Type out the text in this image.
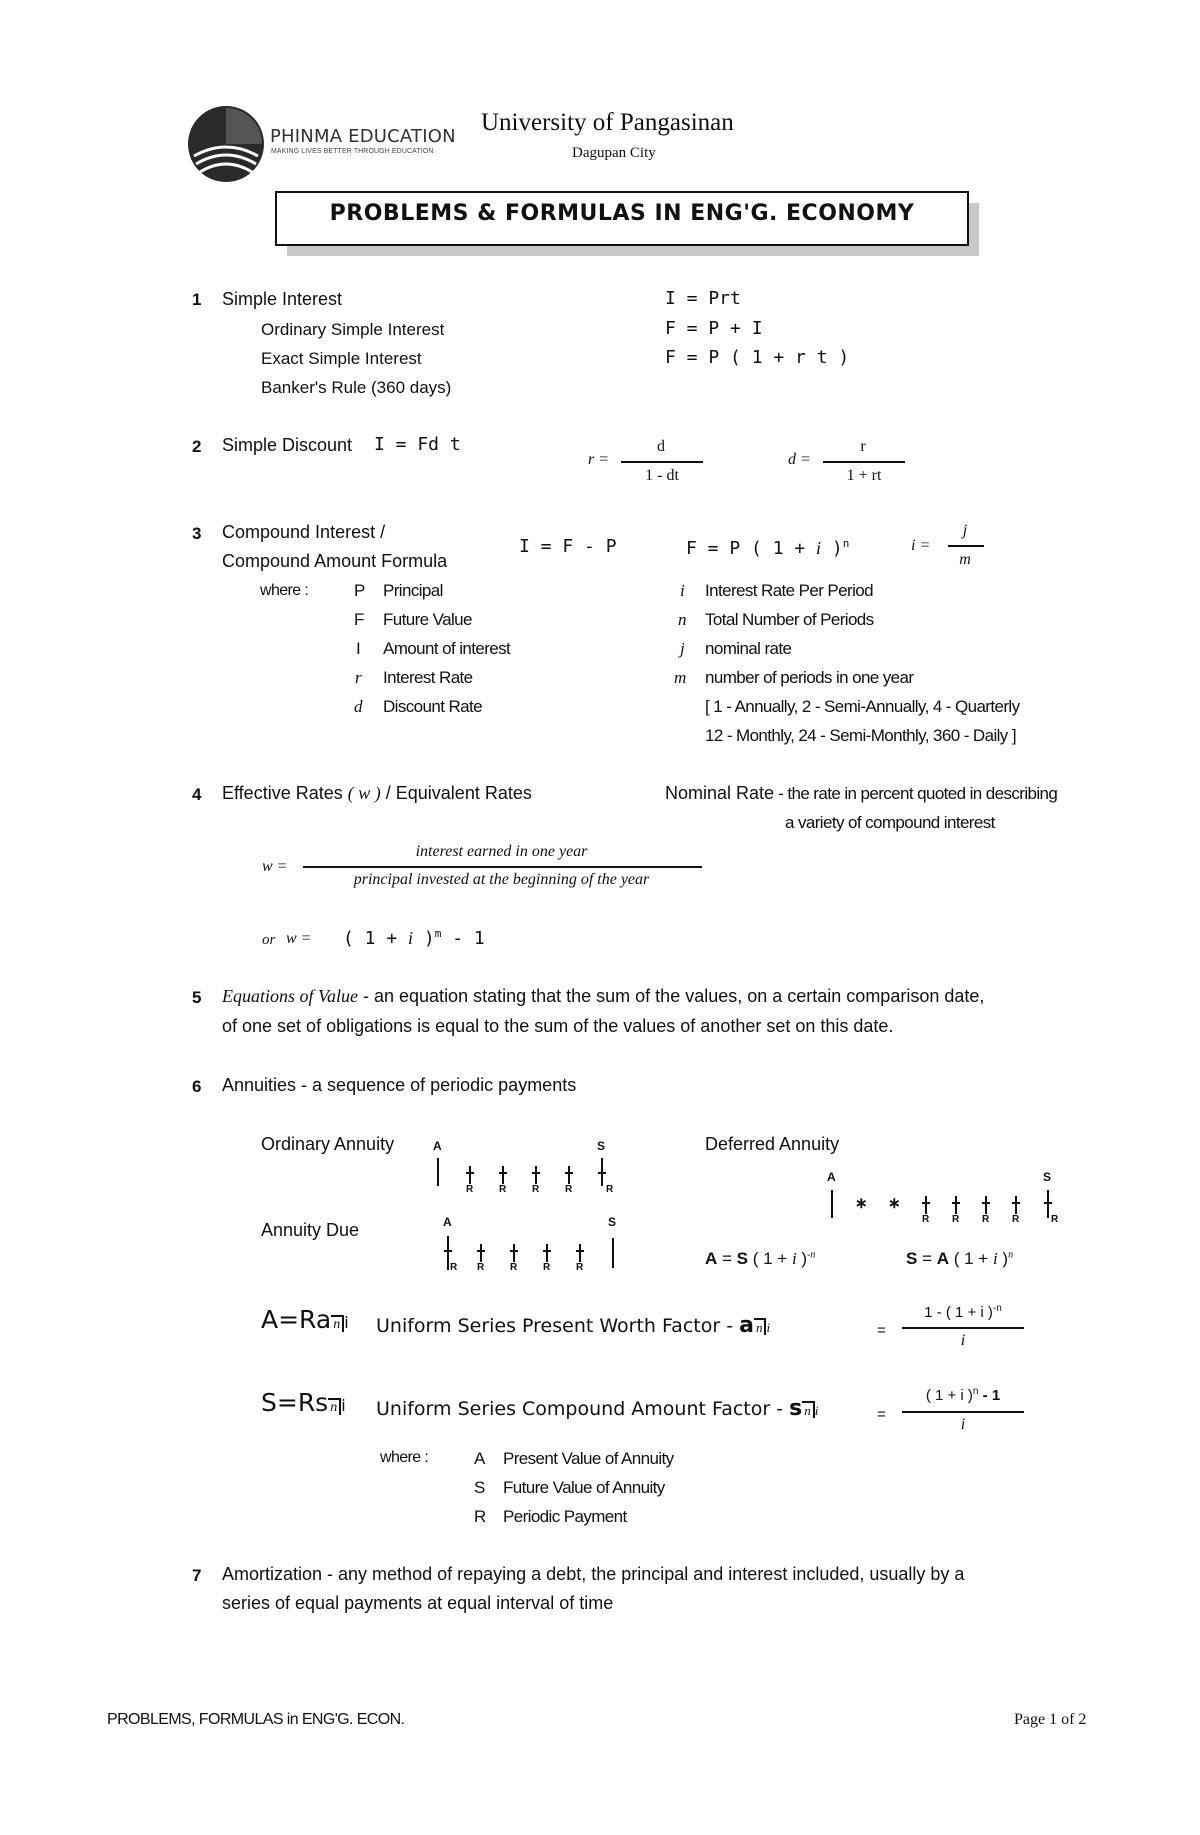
PHINMA EDUCATION
MAKING LIVES BETTER THROUGH EDUCATION
University of Pangasinan
Dagupan City
PROBLEMS & FORMULAS IN ENG'G. ECONOMY
1 Simple Interest
Ordinary Simple Interest
Exact Simple Interest
Banker's Rule (360 days)
I = Prt
F = P + I
F = P ( 1 + r t )
2 Simple Discount I = Fd t
r =
d
1 - dt
d =
r
1 + rt
3 Compound Interest /
Compound Amount Formula
I = F - P	F = P ( 1 + i )$^n$	i =
j
m
where :	P Principal
F Future Value
I Amount of interest
r Interest Rate
d Discount Rate
i Interest Rate Per Period
n Total Number of Periods
j nominal rate
m number of periods in one year
[ 1 - Annually, 2 - Semi-Annually, 4 - Quarterly
12 - Monthly, 24 - Semi-Monthly, 360 - Daily ]
4 Effective Rates ( w ) / Equivalent Rates	Nominal Rate - the rate in percent quoted in describing
a variety of compound interest
w =
interest earned in one year
principal invested at the beginning of the year
or w = ( 1 + i )$^m$ - 1
5 Equations of Value - an equation stating that the sum of the values, on a certain comparison date,
of one set of obligations is equal to the sum of the values of another set on this date.
6 Annuities - a sequence of periodic payments
Ordinary Annuity
Annuity Due
Deferred Annuity
A	S
R	R	R	R	R
A	S
R R	R	R	R
A	S
∗ ∗
R R R R	R
A = S ( 1 + i )$^{-n}$	S = A ( 1 + i )$^n$
A=Ra n i Uniform Series Present Worth Factor - a n i	=
1 - ( 1 + i )$^{-n}$
i
S=Rs n i Uniform Series Compound Amount Factor - s n i	=
( 1 + i )$^n$ - 1
i
where :	A Present Value of Annuity
S Future Value of Annuity
R Periodic Payment
7 Amortization - any method of repaying a debt, the principal and interest included, usually by a
series of equal payments at equal interval of time
PROBLEMS, FORMULAS in ENG'G. ECON.	Page 1 of 2
